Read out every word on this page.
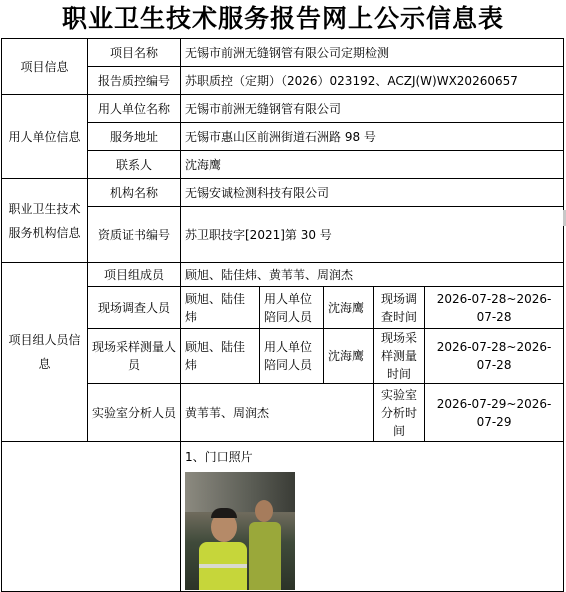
职业卫生技术服务报告网上公示信息表
项目信息	项目名称	无锡市前洲无缝钢管有限公司定期检测				
	报告质控编号	苏职质控（定期）（2026）023192、ACZJ(W)WX20260657				
用人单位信息	用人单位名称	无锡市前洲无缝钢管有限公司				
	服务地址	无锡市惠山区前洲街道石洲路 98 号				
	联系人	沈海鹰				
职业卫生技术服务机构信息	机构名称	无锡安诚检测科技有限公司				
	资质证书编号	苏卫职技字[2021]第 30 号				
项目组人员信息	项目组成员	顾旭、陆佳炜、黄苇苇、周润杰				
	现场调查人员	顾旭、陆佳炜	用人单位陪同人员	沈海鹰	现场调查时间	2026-07-28~2026-07-28
	现场采样测量人员	顾旭、陆佳炜	用人单位陪同人员	沈海鹰	现场采样测量时间	2026-07-28~2026-07-28
	实验室分析人员	黄苇苇、周润杰			实验室分析时间	2026-07-29~2026-07-29

		1、门口照片				
